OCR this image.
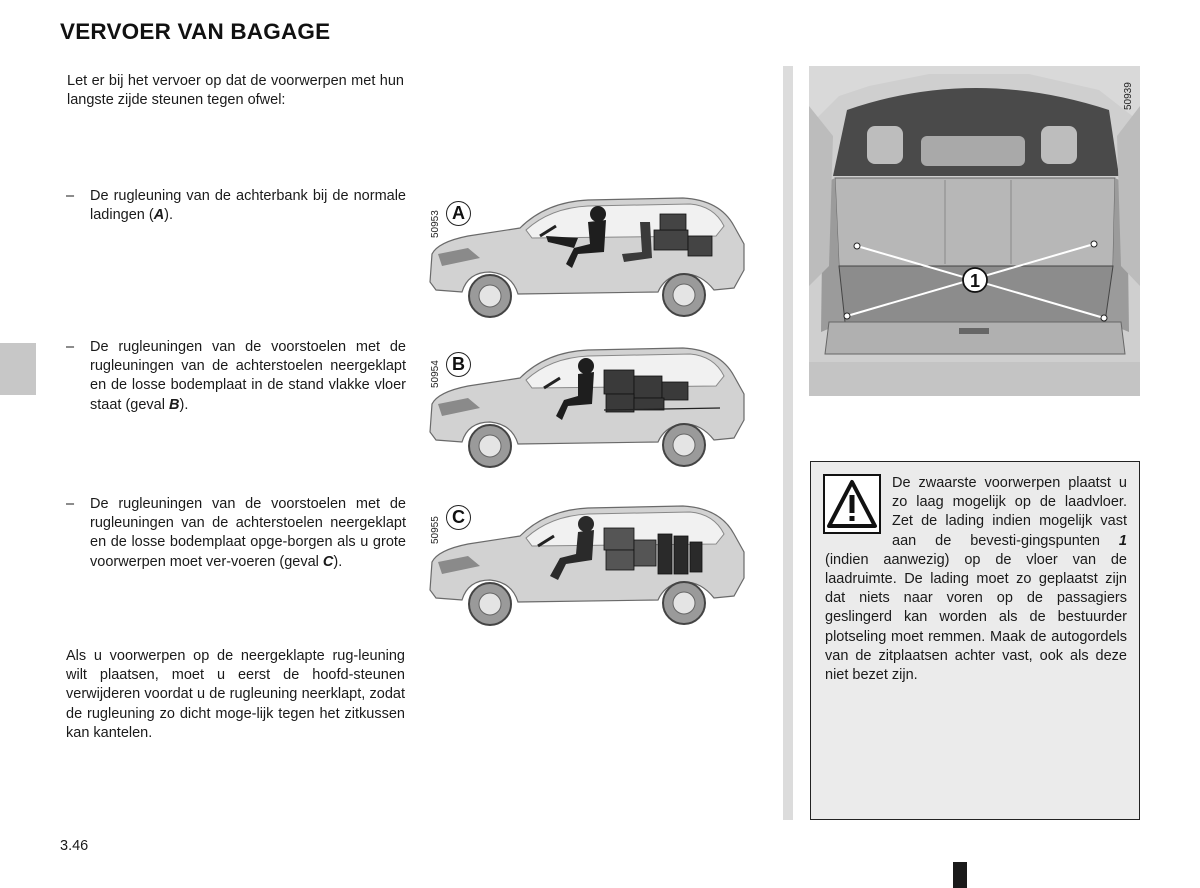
VERVOER VAN BAGAGE

Let er bij het vervoer op dat de voorwerpen met hun langste zijde steunen tegen ofwel:

– De rugleuning van de achterbank bij de normale ladingen (A).
– De rugleuningen van de voorstoelen met de rugleuningen van de achterstoelen neergeklapt en de losse bodemplaat in de stand vlakke vloer staat (geval B).
– De rugleuningen van de voorstoelen met de rugleuningen van de achterstoelen neergeklapt en de losse bodemplaat opge-borgen als u grote voorwerpen moet ver-voeren (geval C).

Als u voorwerpen op de neergeklapte rug-leuning wilt plaatsen, moet u eerst de hoofd-steunen verwijderen voordat u de rugleuning neerklapt, zodat de rugleuning zo dicht moge-lijk tegen het zitkussen kan kantelen.

50953 A
50954 B
50955 C
1
50939

De zwaarste voorwerpen plaatst u zo laag mogelijk op de laadvloer. Zet de lading indien mogelijk vast aan de bevesti-gingspunten 1 (indien aanwezig) op de vloer van de laadruimte. De lading moet zo geplaatst zijn dat niets naar voren op de passagiers geslingerd kan worden als de bestuurder plotseling moet remmen. Maak de autogordels van de zitplaatsen achter vast, ook als deze niet bezet zijn.

3.46
